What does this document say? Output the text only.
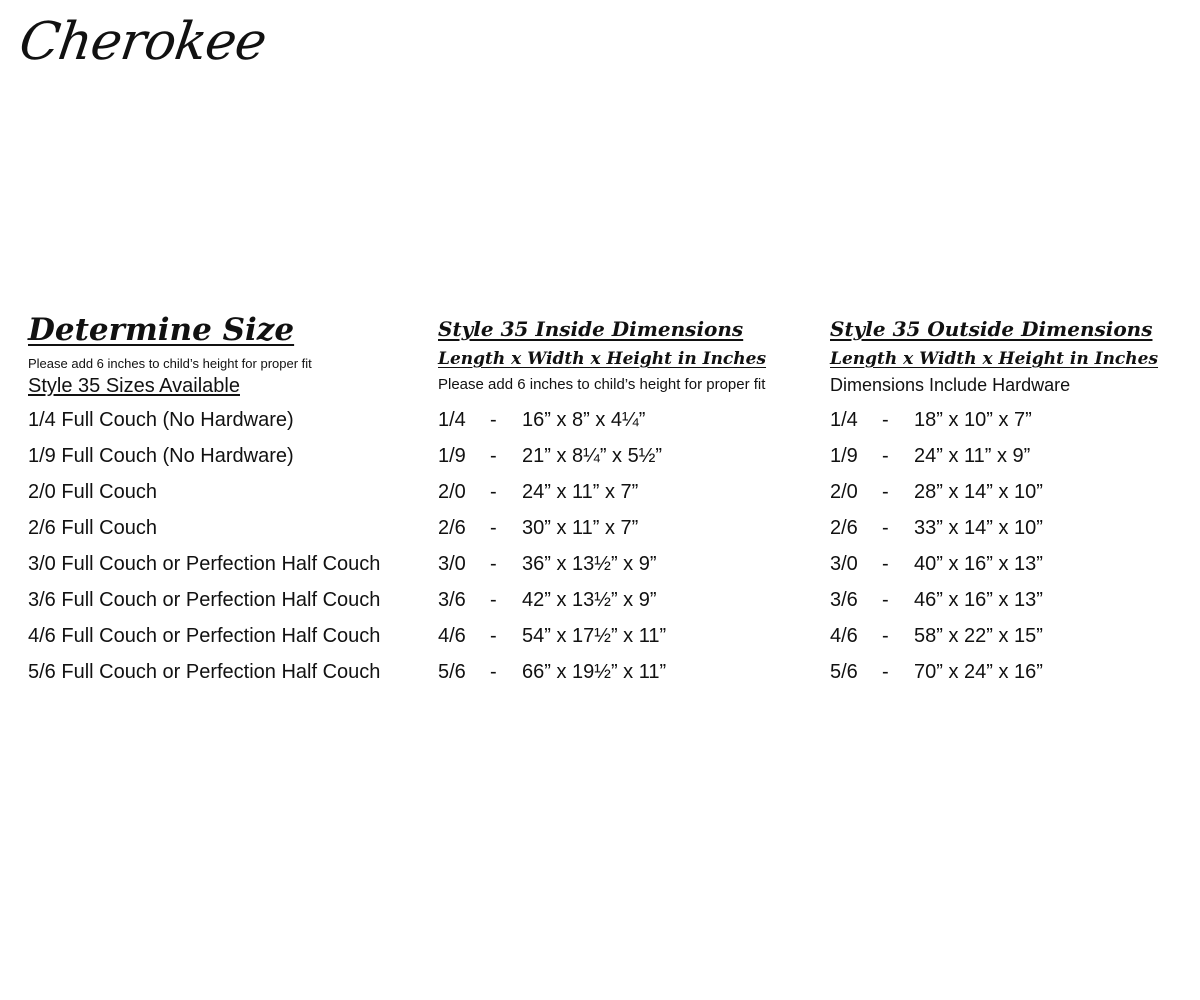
Cherokee
Determine Size
Please add 6 inches to child’s height for proper fit
Style 35 Sizes Available
Style 35 Inside Dimensions
Length x Width x Height in Inches
Please add 6 inches to child’s height for proper fit
Style 35 Outside Dimensions
Length x Width x Height in Inches
Dimensions Include Hardware
1/4 Full Couch (No Hardware)
1/9 Full Couch (No Hardware)
2/0 Full Couch
2/6 Full Couch
3/0 Full Couch or Perfection Half Couch
3/6 Full Couch or Perfection Half Couch
4/6 Full Couch or Perfection Half Couch
5/6 Full Couch or Perfection Half Couch
1/4 - 16” x 8” x 4¼”
1/9 -21” x 8¼” x 5½”
2/0 - 24” x 11” x 7”
2/6 - 30” x 11” x 7”
3/0 - 36” x 13½” x 9”
3/6 - 42” x 13½” x 9”
4/6 - 54” x 17½” x 11”
5/6 - 66” x 19½” x 11”
1/4 - 18” x 10” x 7”
1/9 - 24” x 11” x 9”
2/0 - 28” x 14” x 10”
2/6 - 33” x 14” x 10”
3/0 - 40” x 16” x 13”
3/6 - 46” x 16” x 13”
4/6 - 58” x 22” x 15”
5/6 - 70” x 24” x 16”
